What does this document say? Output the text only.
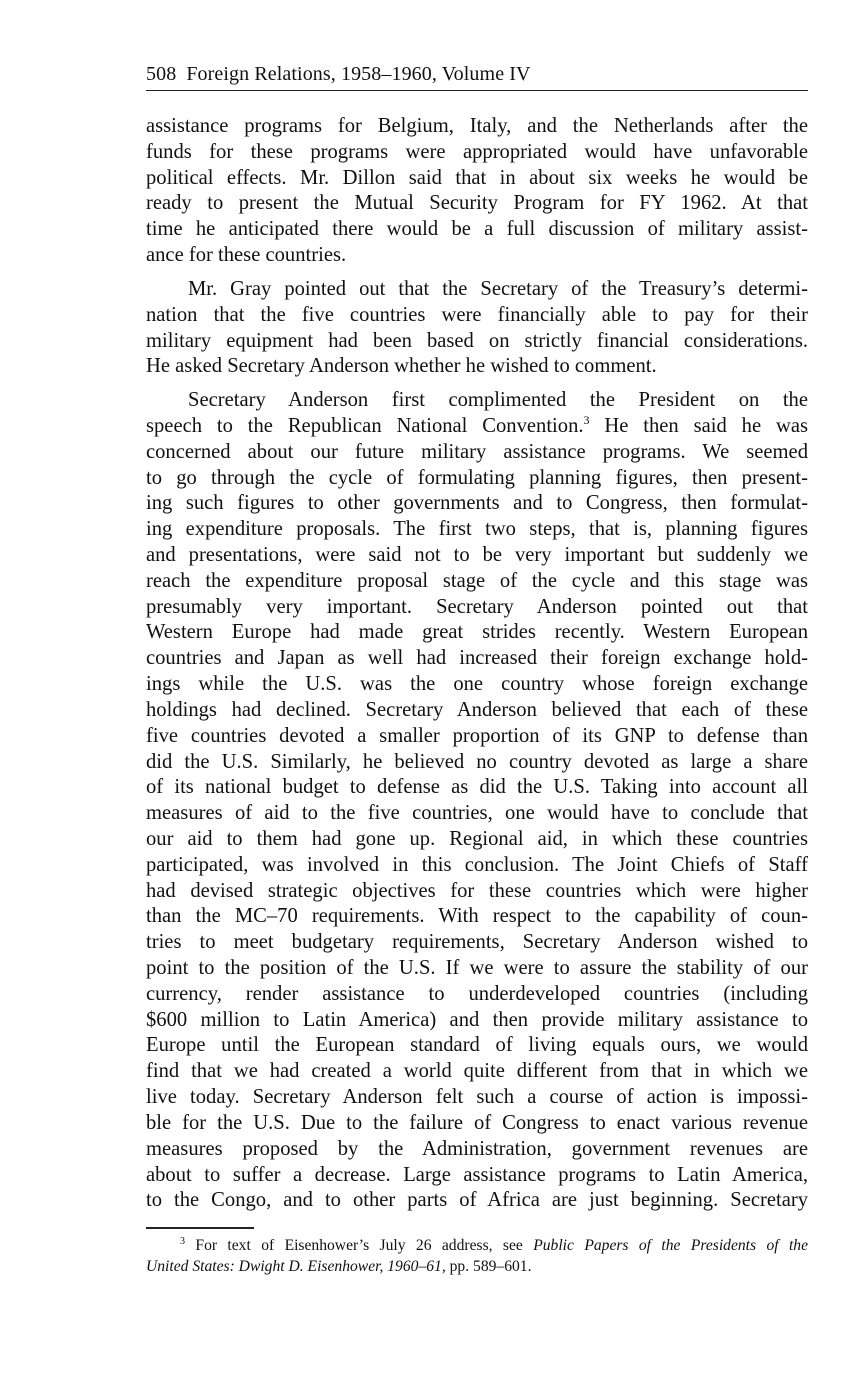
508 Foreign Relations, 1958–1960, Volume IV
assistance programs for Belgium, Italy, and the Netherlands after the
funds for these programs were appropriated would have unfavorable
political effects. Mr. Dillon said that in about six weeks he would be
ready to present the Mutual Security Program for FY 1962. At that
time he anticipated there would be a full discussion of military assist-
ance for these countries.
Mr. Gray pointed out that the Secretary of the Treasury’s determi-
nation that the five countries were financially able to pay for their
military equipment had been based on strictly financial considerations.
He asked Secretary Anderson whether he wished to comment.
Secretary Anderson first complimented the President on the
speech to the Republican National Convention.$^3$ He then said he was
concerned about our future military assistance programs. We seemed
to go through the cycle of formulating planning figures, then present-
ing such figures to other governments and to Congress, then formulat-
ing expenditure proposals. The first two steps, that is, planning figures
and presentations, were said not to be very important but suddenly we
reach the expenditure proposal stage of the cycle and this stage was
presumably very important. Secretary Anderson pointed out that
Western Europe had made great strides recently. Western European
countries and Japan as well had increased their foreign exchange hold-
ings while the U.S. was the one country whose foreign exchange
holdings had declined. Secretary Anderson believed that each of these
five countries devoted a smaller proportion of its GNP to defense than
did the U.S. Similarly, he believed no country devoted as large a share
of its national budget to defense as did the U.S. Taking into account all
measures of aid to the five countries, one would have to conclude that
our aid to them had gone up. Regional aid, in which these countries
participated, was involved in this conclusion. The Joint Chiefs of Staff
had devised strategic objectives for these countries which were higher
than the MC–70 requirements. With respect to the capability of coun-
tries to meet budgetary requirements, Secretary Anderson wished to
point to the position of the U.S. If we were to assure the stability of our
currency, render assistance to underdeveloped countries (including
$600 million to Latin America) and then provide military assistance to
Europe until the European standard of living equals ours, we would
find that we had created a world quite different from that in which we
live today. Secretary Anderson felt such a course of action is impossi-
ble for the U.S. Due to the failure of Congress to enact various revenue
measures proposed by the Administration, government revenues are
about to suffer a decrease. Large assistance programs to Latin America,
to the Congo, and to other parts of Africa are just beginning. Secretary
$^3$ For text of Eisenhower’s July 26 address, see Public Papers of the Presidents of the
United States: Dwight D. Eisenhower, 1960–61, pp. 589–601.
